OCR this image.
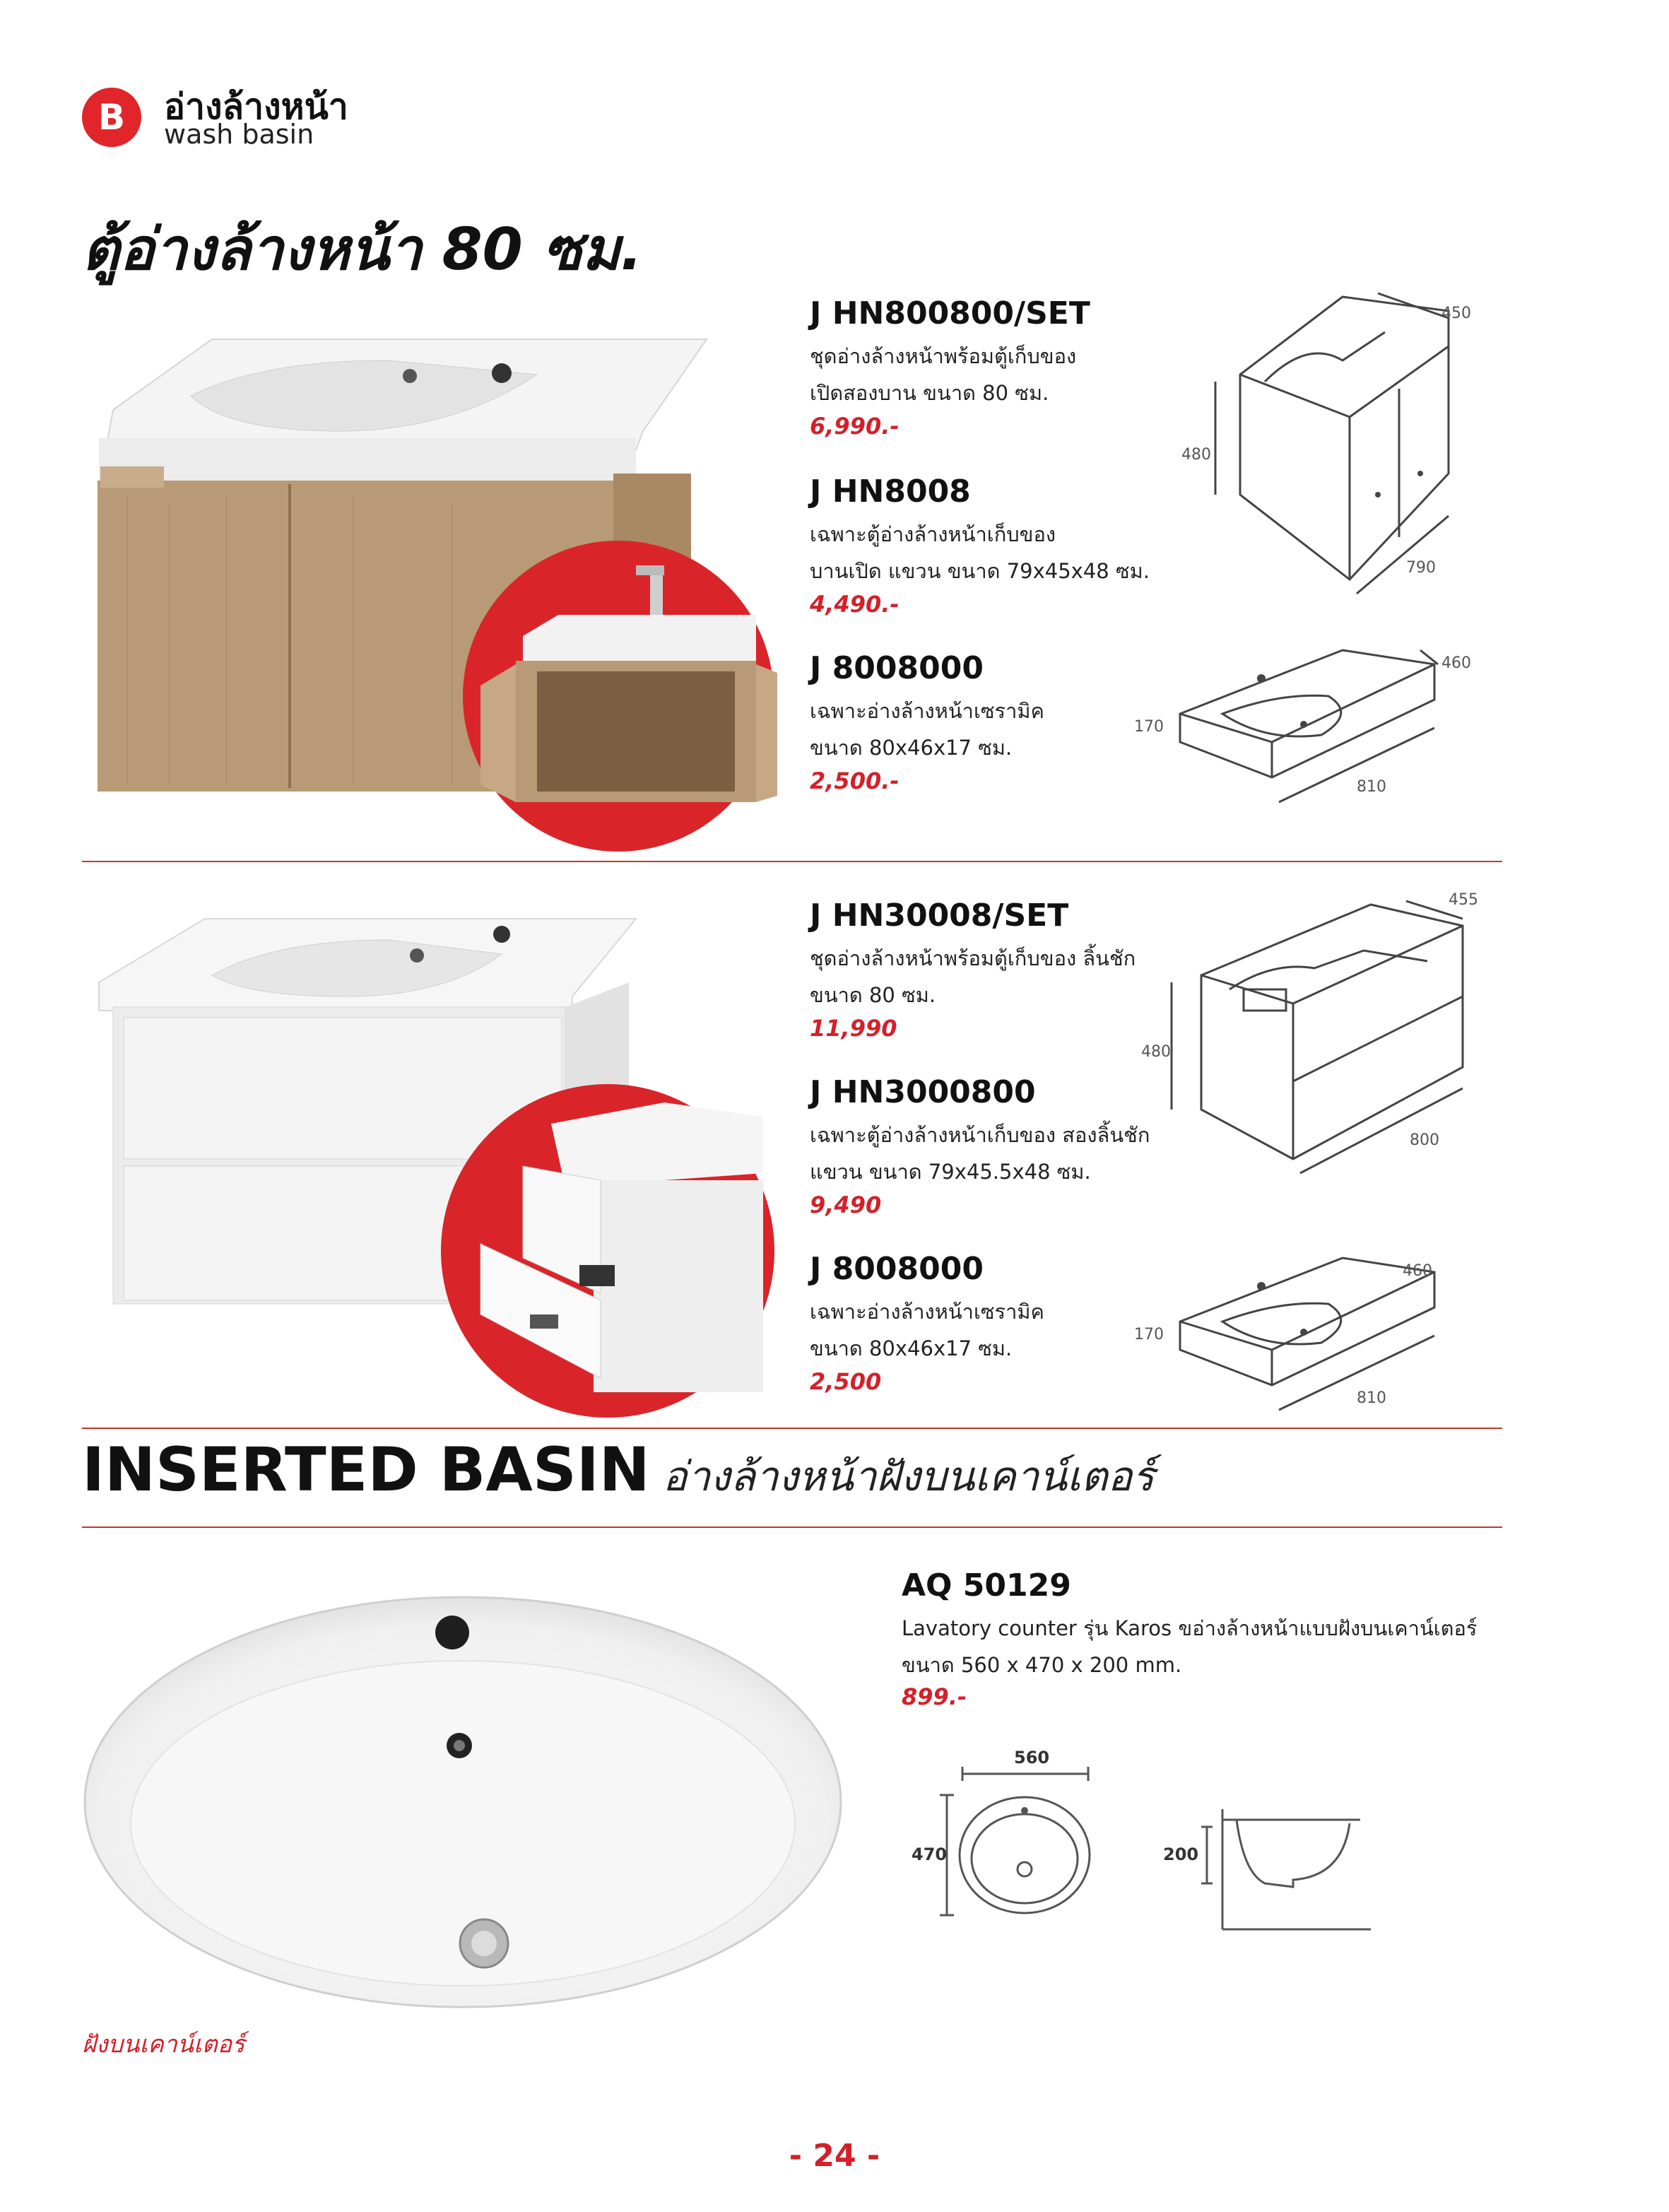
B	อ่างล้างหน้า
wash basin
ตู้อ่างล้างหน้า 80 ซม.
J HN800800/SET
ชุดอ่างล้างหน้าพร้อมตู้เก็บของ
เปิดสองบาน ขนาด 80 ซม.
6,990.-
J HN8008
เฉพาะตู้อ่างล้างหน้าเก็บของ
บานเปิด แขวน ขนาด 79x45x48 ซม.
4,490.-
J 8008000
เฉพาะอ่างล้างหน้าเซรามิค
ขนาด 80x46x17 ซม.
2,500.-
450
480
790
460
170
810
J HN30008/SET
ชุดอ่างล้างหน้าพร้อมตู้เก็บของ ลิ้นชัก
ขนาด 80 ซม.
11,990
J HN3000800
เฉพาะตู้อ่างล้างหน้าเก็บของ สองลิ้นชัก
แขวน ขนาด 79x45.5x48 ซม.
9,490
J 8008000
เฉพาะอ่างล้างหน้าเซรามิค
ขนาด 80x46x17 ซม.
2,500
455
480
800
460
170
810
INSERTED BASIN อ่างล้างหน้าฝังบนเคาน์เตอร์
AQ 50129
Lavatory counter รุ่น Karos ขอ่างล้างหน้าแบบฝังบนเคาน์เตอร์
ขนาด 560 x 470 x 200 mm.
899.-
560
470	200
ฝังบนเคาน์เตอร์
- 24 -
